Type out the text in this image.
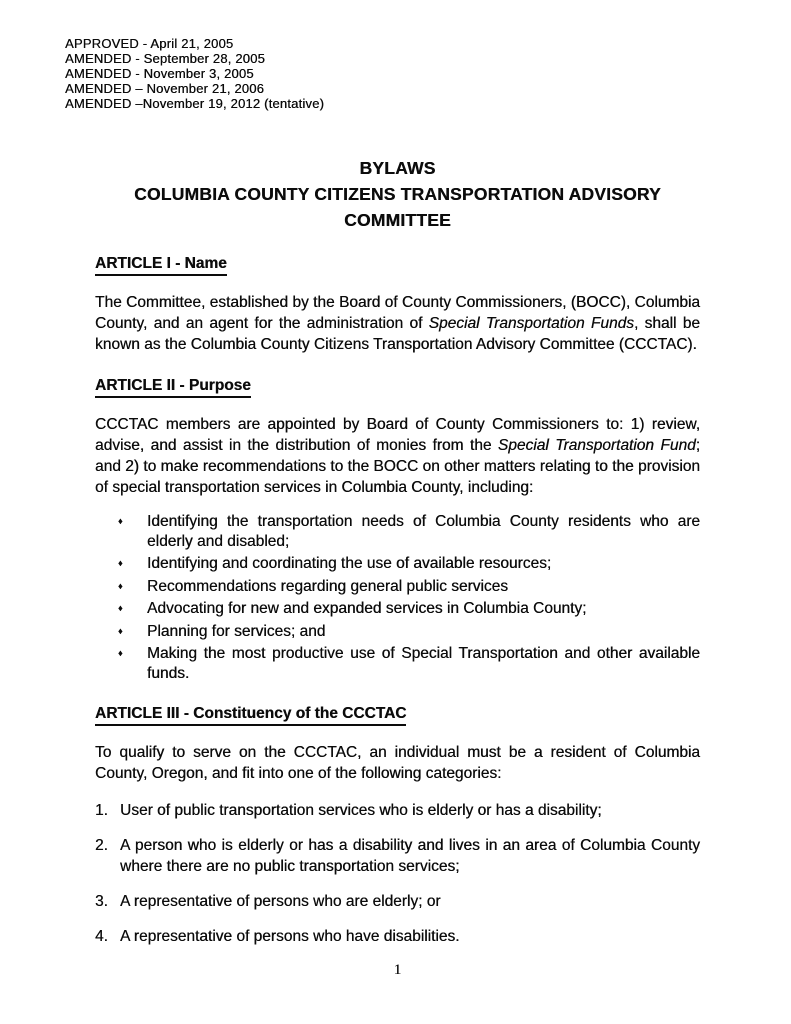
APPROVED - April 21, 2005
AMENDED - September 28, 2005
AMENDED - November 3, 2005
AMENDED – November 21, 2006
AMENDED –November 19, 2012 (tentative)
BYLAWS
COLUMBIA COUNTY CITIZENS TRANSPORTATION ADVISORY
COMMITTEE
ARTICLE I - Name

The Committee, established by the Board of County Commissioners, (BOCC), Columbia County, and an agent for the administration of Special Transportation Funds, shall be known as the Columbia County Citizens Transportation Advisory Committee (CCCTAC).

ARTICLE II - Purpose

CCCTAC members are appointed by Board of County Commissioners to: 1) review, advise, and assist in the distribution of monies from the Special Transportation Fund; and 2) to make recommendations to the BOCC on other matters relating to the provision of special transportation services in Columbia County, including:

♦	Identifying the transportation needs of Columbia County residents who are elderly and disabled;
♦	Identifying and coordinating the use of available resources;
♦	Recommendations regarding general public services
♦	Advocating for new and expanded services in Columbia County;
♦	Planning for services; and
♦	Making the most productive use of Special Transportation and other available funds.
ARTICLE III - Constituency of the CCCTAC

To qualify to serve on the CCCTAC, an individual must be a resident of Columbia County, Oregon, and fit into one of the following categories:

1. User of public transportation services who is elderly or has a disability;
2. A person who is elderly or has a disability and lives in an area of Columbia County where there are no public transportation services;
3. A representative of persons who are elderly; or
4. A representative of persons who have disabilities.
1
